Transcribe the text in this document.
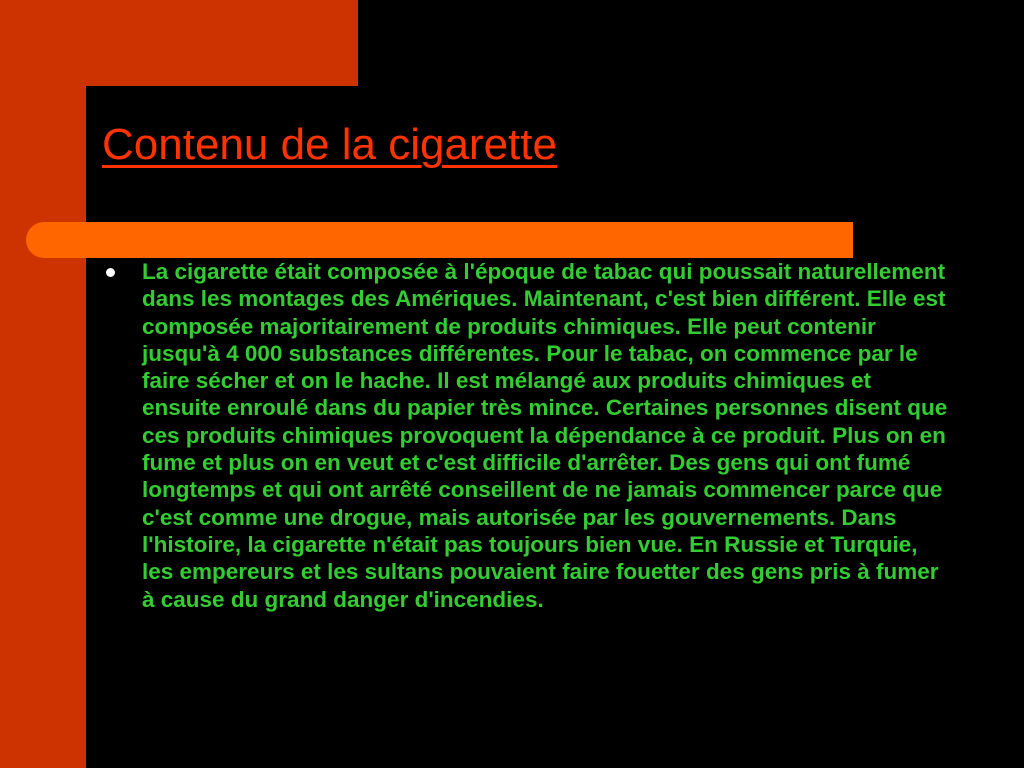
Contenu de la cigarette
La cigarette était composée à l'époque de tabac qui poussait naturellement dans les montages des Amériques. Maintenant, c'est bien différent. Elle est composée majoritairement de produits chimiques. Elle peut contenir jusqu'à 4 000 substances différentes. Pour le tabac, on commence par le faire sécher et on le hache. Il est mélangé aux produits chimiques et ensuite enroulé dans du papier très mince. Certaines personnes disent que ces produits chimiques provoquent la dépendance à ce produit. Plus on en fume et plus on en veut et c'est difficile d'arrêter. Des gens qui ont fumé longtemps et qui ont arrêté conseillent de ne jamais commencer parce que c'est comme une drogue, mais autorisée par les gouvernements. Dans l'histoire, la cigarette n'était pas toujours bien vue. En Russie et Turquie, les empereurs et les sultans pouvaient faire fouetter des gens pris à fumer à cause du grand danger d'incendies.
